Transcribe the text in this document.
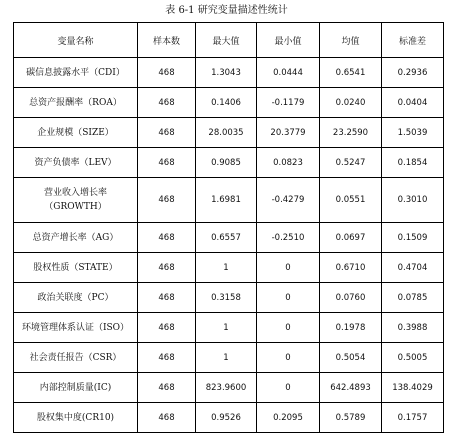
表 6-1 研究变量描述性统计
变量名称	样本数	最大值	最小值	均值	标准差

碳信息披露水平（CDI）	468	1.3043	0.0444	0.6541	0.2936

总资产报酬率（ROA）	468	0.1406	-0.1179	0.0240	0.0404

企业规模（SIZE）	468	28.0035	20.3779	23.2590	1.5039

资产负债率（LEV）	468	0.9085	0.0823	0.5247	0.1854

营业收入增长率
（GROWTH）	468	1.6981	-0.4279	0.0551	0.3010

总资产增长率（AG）	468	0.6557	-0.2510	0.0697	0.1509

股权性质（STATE）	468	1	0	0.6710	0.4704

政治关联度（PC）	468	0.3158	0	0.0760	0.0785

环境管理体系认证（ISO）	468	1	0	0.1978	0.3988

社会责任报告（CSR）	468	1	0	0.5054	0.5005

内部控制质量(IC)	468	823.9600	0	642.4893	138.4029

股权集中度(CR10)	468	0.9526	0.2095	0.5789	0.1757
